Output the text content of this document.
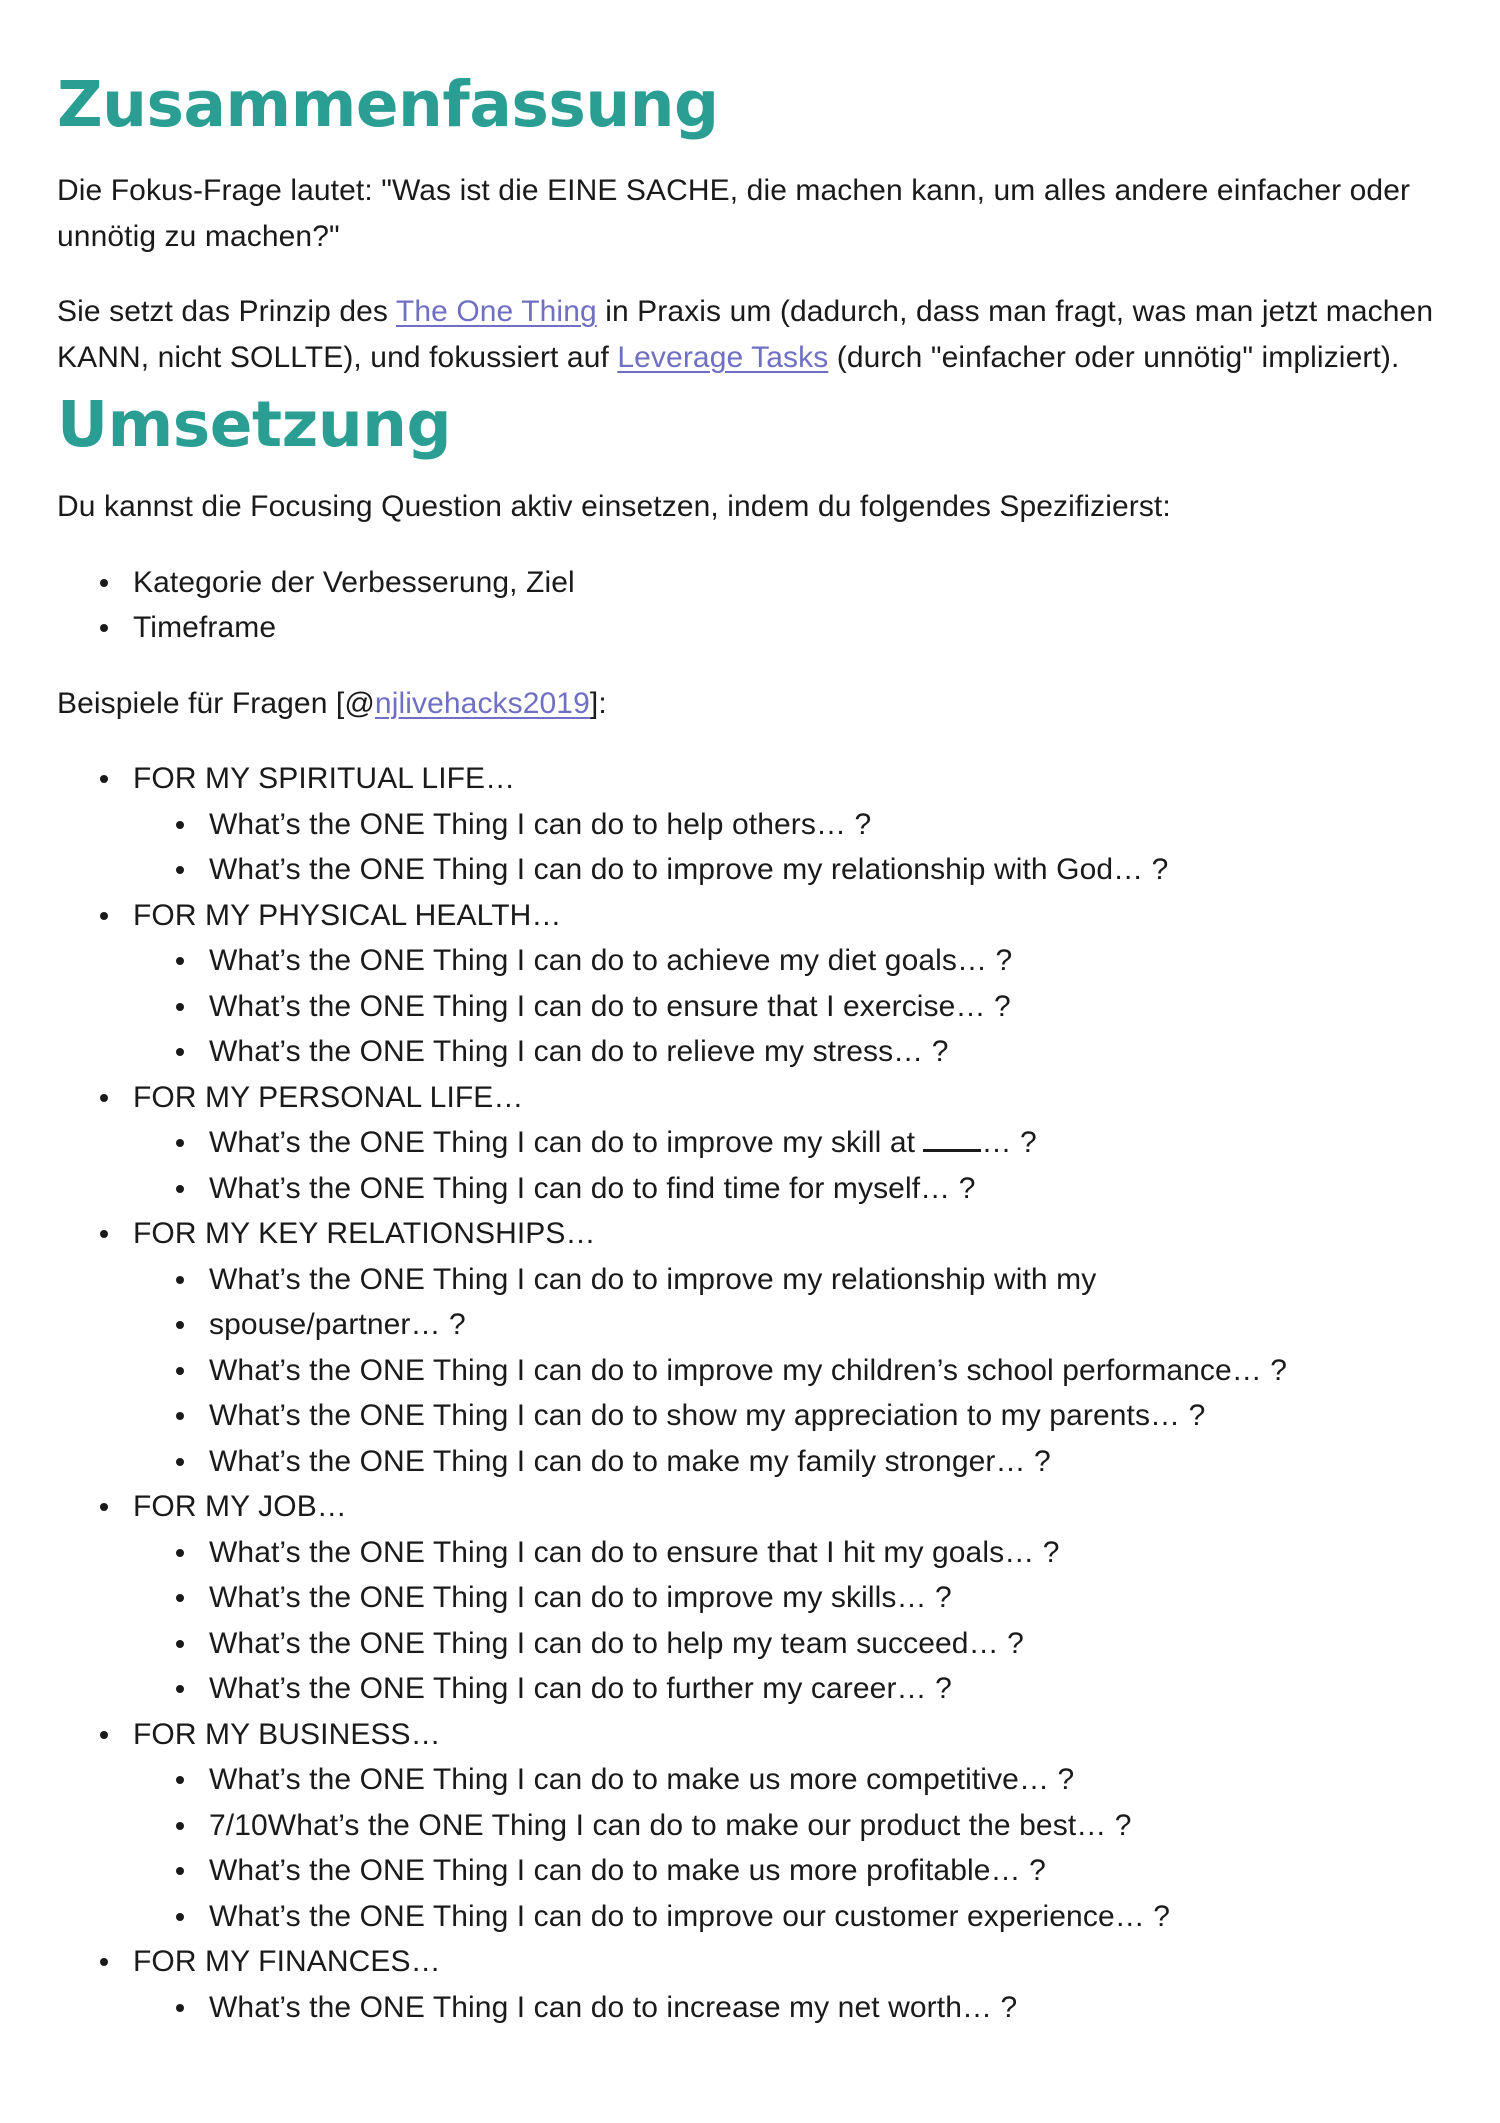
Zusammenfassung

Die Fokus-Frage lautet: "Was ist die EINE SACHE, die machen kann, um alles andere einfacher oder unnötig zu machen?"

Sie setzt das Prinzip des The One Thing in Praxis um (dadurch, dass man fragt, was man jetzt machen KANN, nicht SOLLTE), und fokussiert auf Leverage Tasks (durch "einfacher oder unnötig" impliziert).

Umsetzung

Du kannst die Focusing Question aktiv einsetzen, indem du folgendes Spezifizierst:

Kategorie der Verbesserung, Ziel
Timeframe

Beispiele für Fragen [@njlivehacks2019]:

FOR MY SPIRITUAL LIFE…
What’s the ONE Thing I can do to help others… ?
What’s the ONE Thing I can do to improve my relationship with God… ?
FOR MY PHYSICAL HEALTH…
What’s the ONE Thing I can do to achieve my diet goals… ?
What’s the ONE Thing I can do to ensure that I exercise… ?
What’s the ONE Thing I can do to relieve my stress… ?
FOR MY PERSONAL LIFE…
What’s the ONE Thing I can do to improve my skill at … ?
What’s the ONE Thing I can do to find time for myself… ?
FOR MY KEY RELATIONSHIPS…
What’s the ONE Thing I can do to improve my relationship with my
spouse/partner… ?
What’s the ONE Thing I can do to improve my children’s school performance… ?
What’s the ONE Thing I can do to show my appreciation to my parents… ?
What’s the ONE Thing I can do to make my family stronger… ?
FOR MY JOB…
What’s the ONE Thing I can do to ensure that I hit my goals… ?
What’s the ONE Thing I can do to improve my skills… ?
What’s the ONE Thing I can do to help my team succeed… ?
What’s the ONE Thing I can do to further my career… ?
FOR MY BUSINESS…
What’s the ONE Thing I can do to make us more competitive… ?
7/10What’s the ONE Thing I can do to make our product the best… ?
What’s the ONE Thing I can do to make us more profitable… ?
What’s the ONE Thing I can do to improve our customer experience… ?
FOR MY FINANCES…
What’s the ONE Thing I can do to increase my net worth… ?
